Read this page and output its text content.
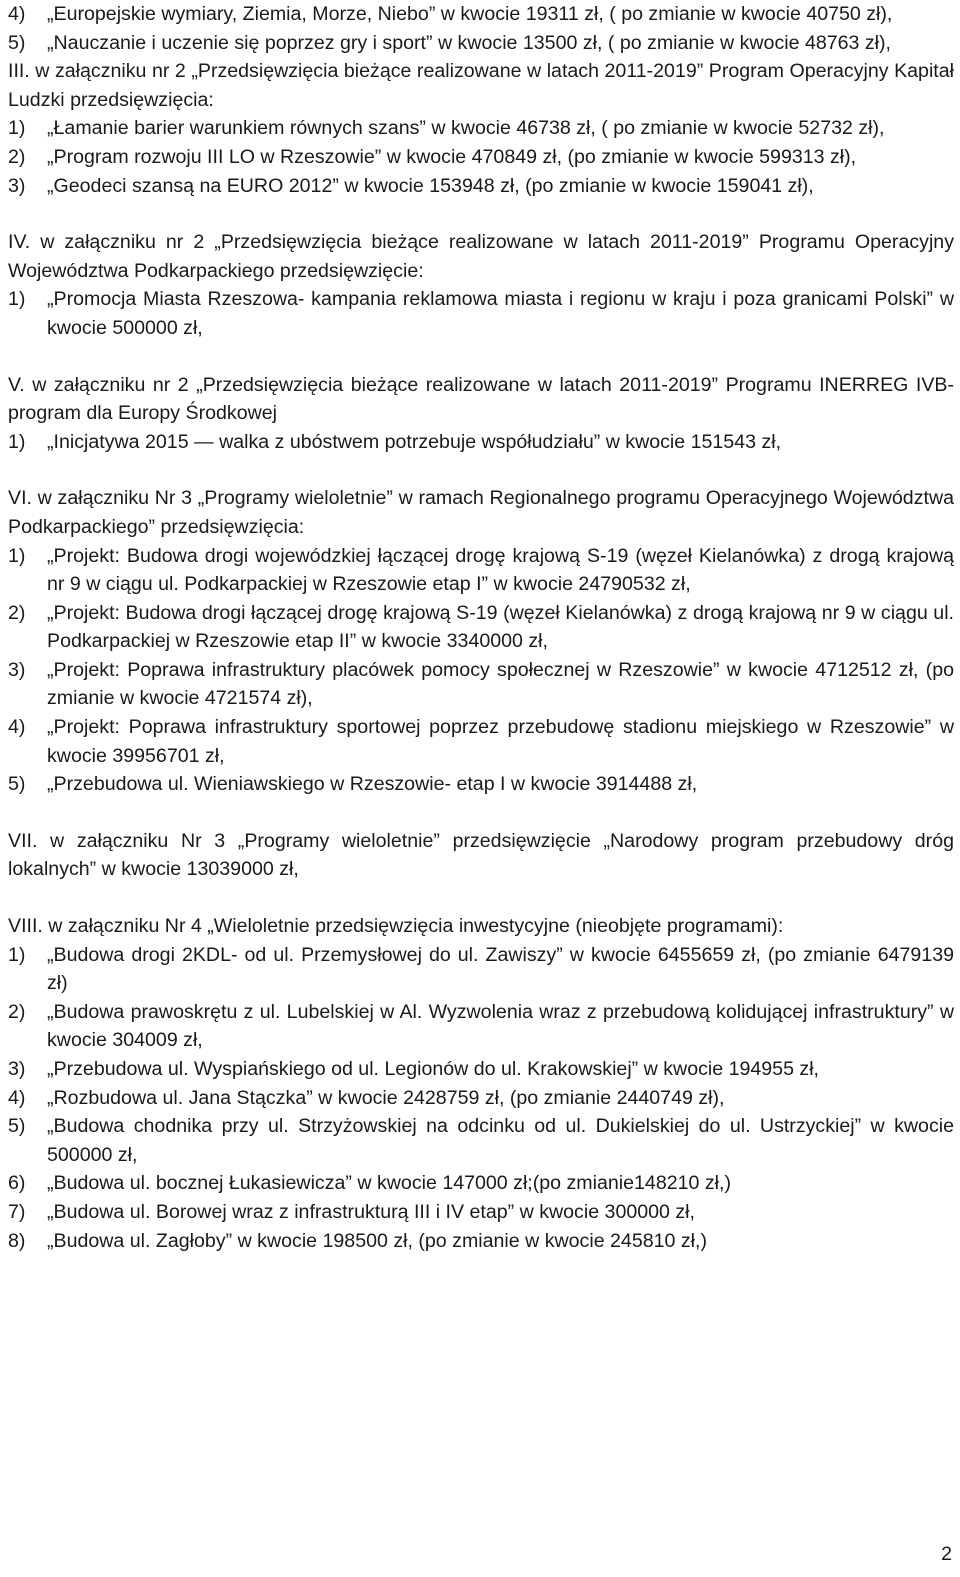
4) „Europejskie wymiary, Ziemia, Morze, Niebo” w kwocie 19311 zł, ( po zmianie w kwocie 40750 zł),
5) „Nauczanie i uczenie się poprzez gry i sport” w kwocie 13500 zł, ( po zmianie w kwocie 48763 zł),
III. w załączniku nr 2 „Przedsięwzięcia bieżące realizowane w latach 2011-2019” Program Operacyjny Kapitał Ludzki przedsięwzięcia:
1) „Łamanie barier warunkiem równych szans” w kwocie 46738 zł, ( po zmianie w kwocie 52732 zł),
2) „Program rozwoju III LO w Rzeszowie” w kwocie 470849 zł, (po zmianie w kwocie 599313 zł),
3) „Geodeci szansą na EURO 2012” w kwocie 153948 zł, (po zmianie w kwocie 159041 zł),
IV. w załączniku nr 2 „Przedsięwzięcia bieżące realizowane w latach 2011-2019” Programu Operacyjny Województwa Podkarpackiego przedsięwzięcie:
1) „Promocja Miasta Rzeszowa- kampania reklamowa miasta i regionu w kraju i poza granicami Polski” w kwocie 500000 zł,
V. w załączniku nr 2 „Przedsięwzięcia bieżące realizowane w latach 2011-2019” Programu INERREG IVB- program dla Europy Środkowej
1) „Inicjatywa 2015 — walka z ubóstwem potrzebuje współudziału” w kwocie 151543 zł,
VI. w załączniku Nr 3 „Programy wieloletnie” w ramach Regionalnego programu Operacyjnego Województwa Podkarpackiego” przedsięwzięcia:
1) „Projekt: Budowa drogi wojewódzkiej łączącej drogę krajową S-19 (węzeł Kielanówka) z drogą krajową nr 9 w ciągu ul. Podkarpackiej w Rzeszowie etap I” w kwocie 24790532 zł,
2) „Projekt: Budowa drogi łączącej drogę krajową S-19 (węzeł Kielanówka) z drogą krajową nr 9 w ciągu ul. Podkarpackiej w Rzeszowie etap II” w kwocie 3340000 zł,
3) „Projekt: Poprawa infrastruktury placówek pomocy społecznej w Rzeszowie” w kwocie 4712512 zł, (po zmianie w kwocie 4721574 zł),
4) „Projekt: Poprawa infrastruktury sportowej poprzez przebudowę stadionu miejskiego w Rzeszowie” w kwocie 39956701 zł,
5) „Przebudowa ul. Wieniawskiego w Rzeszowie- etap I w kwocie 3914488 zł,
VII. w załączniku Nr 3 „Programy wieloletnie” przedsięwzięcie „Narodowy program przebudowy dróg lokalnych” w kwocie 13039000 zł,
VIII. w załączniku Nr 4 „Wieloletnie przedsięwzięcia inwestycyjne (nieobjęte programami):
1) „Budowa drogi 2KDL- od ul. Przemysłowej do ul. Zawiszy” w kwocie 6455659 zł, (po zmianie 6479139 zł)
2) „Budowa prawoskrętu z ul. Lubelskiej w Al. Wyzwolenia wraz z przebudową kolidującej infrastruktury” w kwocie 304009 zł,
3) „Przebudowa ul. Wyspiańskiego od ul. Legionów do ul. Krakowskiej” w kwocie 194955 zł,
4) „Rozbudowa ul. Jana Stączka” w kwocie 2428759 zł, (po zmianie 2440749 zł),
5) „Budowa chodnika przy ul. Strzyżowskiej na odcinku od ul. Dukielskiej do ul. Ustrzyckiej” w kwocie 500000 zł,
6) „Budowa ul. bocznej Łukasiewicza” w kwocie 147000 zł;(po zmianie148210 zł,)
7) „Budowa ul. Borowej wraz z infrastrukturą III i IV etap” w kwocie 300000 zł,
8) „Budowa ul. Zagłoby” w kwocie 198500 zł, (po zmianie w kwocie 245810 zł,)
2
